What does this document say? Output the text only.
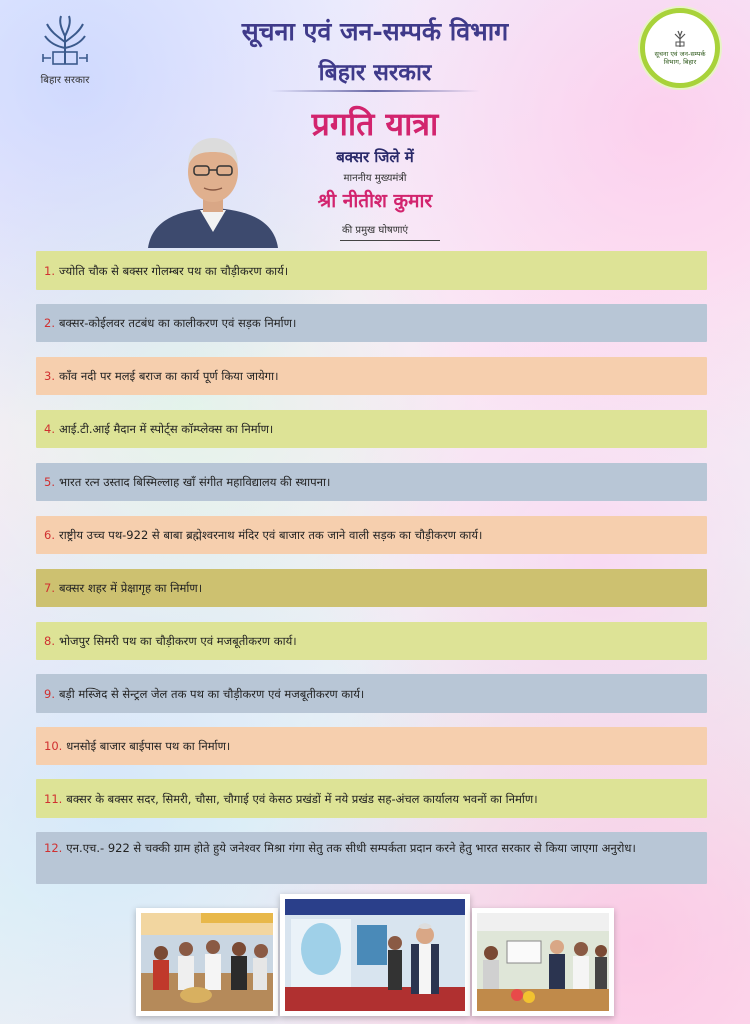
बिहार सरकार
सूचना एवं जन-सम्पर्क विभाग, बिहार
सूचना एवं जन-सम्पर्क विभाग
बिहार सरकार
प्रगति यात्रा
बक्सर जिले में
माननीय मुख्यमंत्री
श्री नीतीश कुमार
की प्रमुख घोषणाएं
1. ज्योति चौक से बक्सर गोलम्बर पथ का चौड़ीकरण कार्य।
2. बक्सर-कोईलवर तटबंध का कालीकरण एवं सड़क निर्माण।
3. काँव नदी पर मलई बराज का कार्य पूर्ण किया जायेगा।
4. आई.टी.आई मैदान में स्पोर्ट्स कॉम्प्लेक्स का निर्माण।
5. भारत रत्न उस्ताद बिस्मिल्लाह खाँ संगीत महाविद्यालय की स्थापना।
6. राष्ट्रीय उच्च पथ-922 से बाबा ब्रह्मेश्वरनाथ मंदिर एवं बाजार तक जाने वाली सड़क का चौड़ीकरण कार्य।
7. बक्सर शहर में प्रेक्षागृह का निर्माण।
8. भोजपुर सिमरी पथ का चौड़ीकरण एवं मजबूतीकरण कार्य।
9. बड़ी मस्जिद से सेन्ट्रल जेल तक पथ का चौड़ीकरण एवं मजबूतीकरण कार्य।
10. धनसोई बाजार बाईपास पथ का निर्माण।
11. बक्सर के बक्सर सदर, सिमरी, चौसा, चौगाई एवं केसठ प्रखंडों में नये प्रखंड सह-अंचल कार्यालय भवनों का निर्माण।
12. एन.एच.- 922 से चक्की ग्राम होते हुये जनेश्वर मिश्रा गंगा सेतु तक सीधी सम्पर्कता प्रदान करने हेतु भारत सरकार से किया जाएगा अनुरोध।
